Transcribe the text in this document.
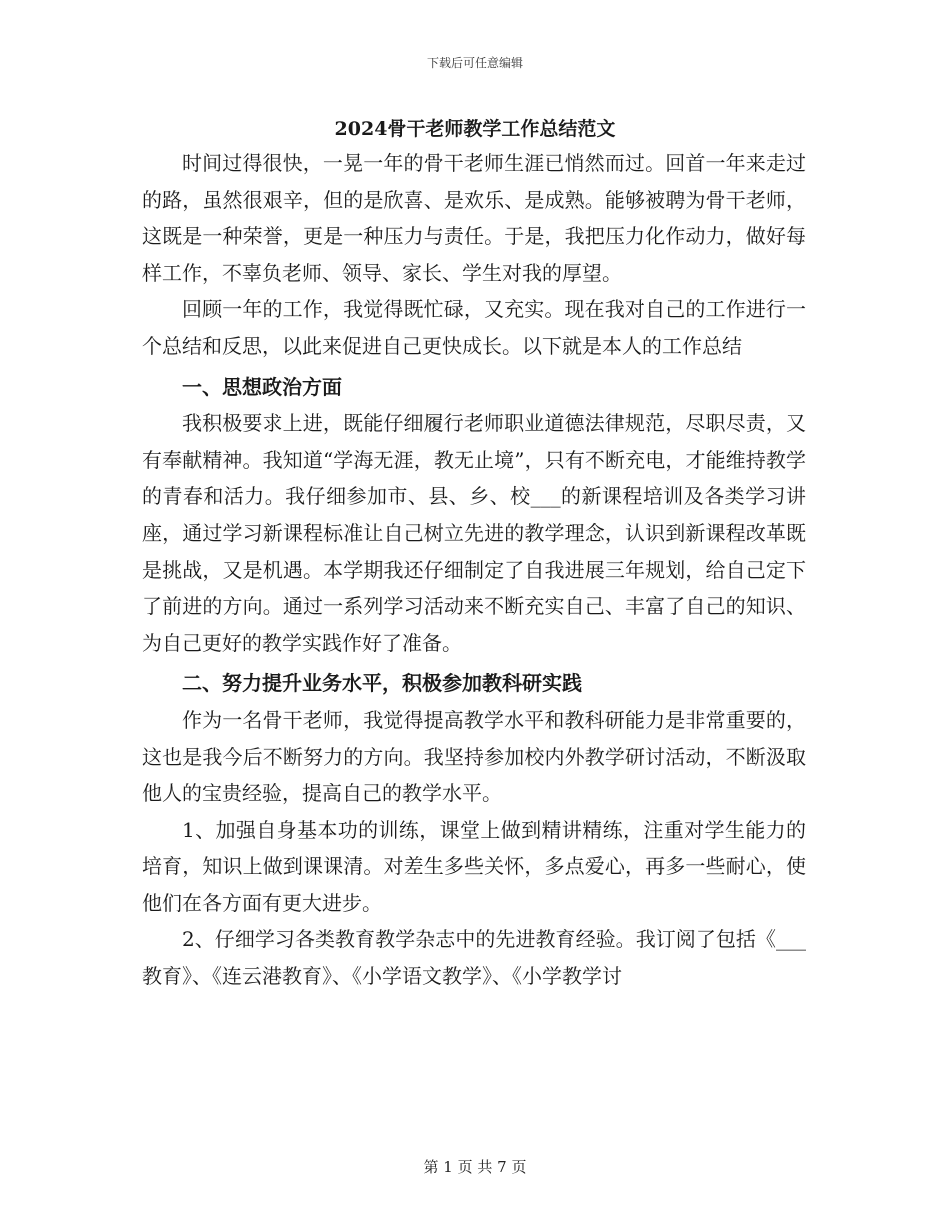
下载后可任意编辑
2024骨干老师教学工作总结范文

时间过得很快，一晃一年的骨干老师生涯已悄然而过。回首一年来走过的路，虽然很艰辛，但的是欣喜、是欢乐、是成熟。能够被聘为骨干老师，这既是一种荣誉，更是一种压力与责任。于是，我把压力化作动力，做好每样工作，不辜负老师、领导、家长、学生对我的厚望。

回顾一年的工作，我觉得既忙碌，又充实。现在我对自己的工作进行一个总结和反思，以此来促进自己更快成长。以下就是本人的工作总结

一、思想政治方面

我积极要求上进，既能仔细履行老师职业道德法律规范，尽职尽责，又有奉献精神。我知道“学海无涯，教无止境”，只有不断充电，才能维持教学的青春和活力。我仔细参加市、县、乡、校___的新课程培训及各类学习讲座，通过学习新课程标准让自己树立先进的教学理念，认识到新课程改革既是挑战，又是机遇。本学期我还仔细制定了自我进展三年规划，给自己定下了前进的方向。通过一系列学习活动来不断充实自己、丰富了自己的知识、为自己更好的教学实践作好了准备。

二、努力提升业务水平，积极参加教科研实践

作为一名骨干老师，我觉得提高教学水平和教科研能力是非常重要的，这也是我今后不断努力的方向。我坚持参加校内外教学研讨活动，不断汲取他人的宝贵经验，提高自己的教学水平。

1、加强自身基本功的训练，课堂上做到精讲精练，注重对学生能力的培育，知识上做到课课清。对差生多些关怀，多点爱心，再多一些耐心，使他们在各方面有更大进步。

2、仔细学习各类教育教学杂志中的先进教育经验。我订阅了包括《___教育》、《连云港教育》、《小学语文教学》、《小学教学讨

第 1 页 共 7 页
